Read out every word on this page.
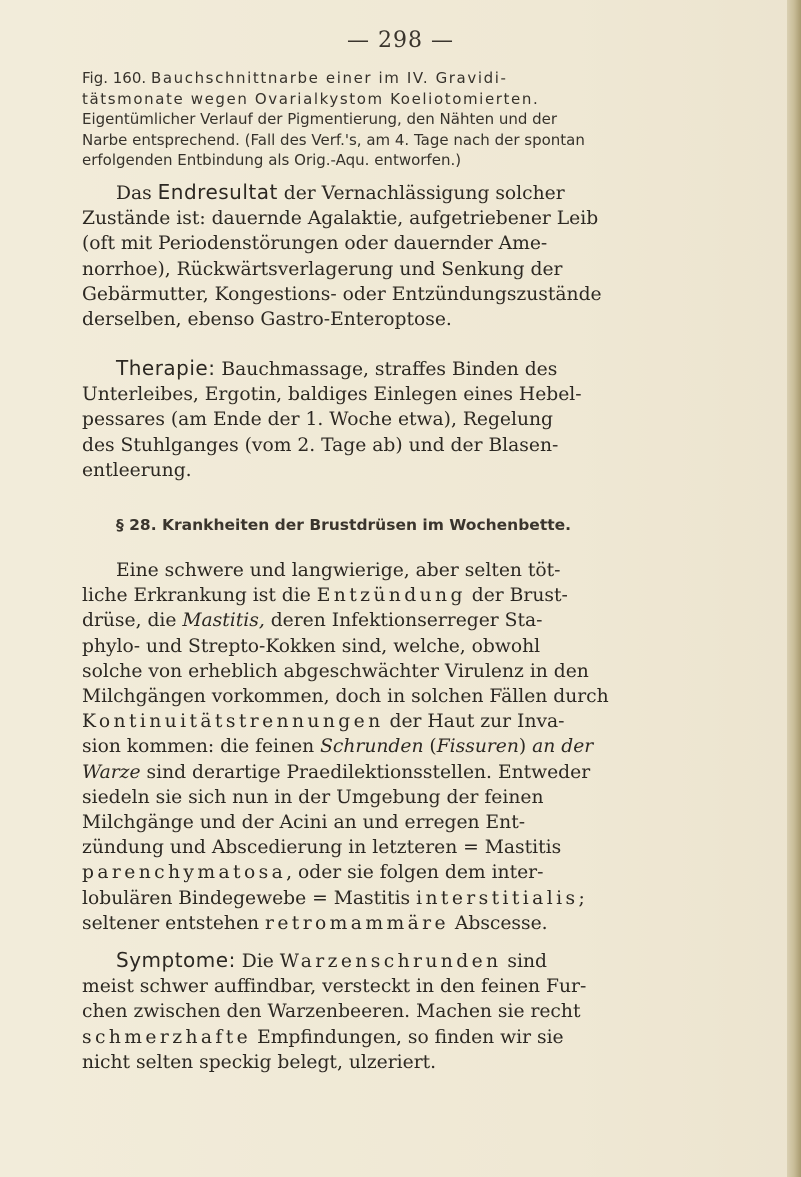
— 298 —
Fig. 160. Bauchschnittnarbe einer im IV. Gravidi-
tätsmonate wegen Ovarialkystom Koeliotomierten.
Eigentümlicher Verlauf der Pigmentierung, den Nähten und der
Narbe entsprechend. (Fall des Verf.'s, am 4. Tage nach der spontan
erfolgenden Entbindung als Orig.-Aqu. entworfen.)

Das Endresultat der Vernachlässigung solcher

Zustände ist: dauernde Agalaktie, aufgetriebener Leib

(oft mit Periodenstörungen oder dauernder Ame-

norrhoe), Rückwärtsverlagerung und Senkung der

Gebärmutter, Kongestions- oder Entzündungszustände

derselben, ebenso Gastro-Enteroptose.

Therapie: Bauchmassage, straffes Binden des

Unterleibes, Ergotin, baldiges Einlegen eines Hebel-

pessares (am Ende der 1. Woche etwa), Regelung

des Stuhlganges (vom 2. Tage ab) und der Blasen-

entleerung.

§ 28. Krankheiten der Brustdrüsen im Wochenbette.

Eine schwere und langwierige, aber selten töt-

liche Erkrankung ist die Entzündung der Brust-

drüse, die Mastitis, deren Infektionserreger Sta-

phylo- und Strepto-Kokken sind, welche, obwohl

solche von erheblich abgeschwächter Virulenz in den

Milchgängen vorkommen, doch in solchen Fällen durch

Kontinuitätstrennungen der Haut zur Inva-

sion kommen: die feinen Schrunden (Fissuren) an der

Warze sind derartige Praedilektionsstellen. Entweder

siedeln sie sich nun in der Umgebung der feinen

Milchgänge und der Acini an und erregen Ent-

zündung und Abscedierung in letzteren = Mastitis

parenchymatosa, oder sie folgen dem inter-

lobulären Bindegewebe = Mastitis interstitialis;

seltener entstehen retromammäre Abscesse.

Symptome: Die Warzenschrunden sind

meist schwer auffindbar, versteckt in den feinen Fur-

chen zwischen den Warzenbeeren. Machen sie recht

schmerzhafte Empfindungen, so finden wir sie

nicht selten speckig belegt, ulzeriert.
